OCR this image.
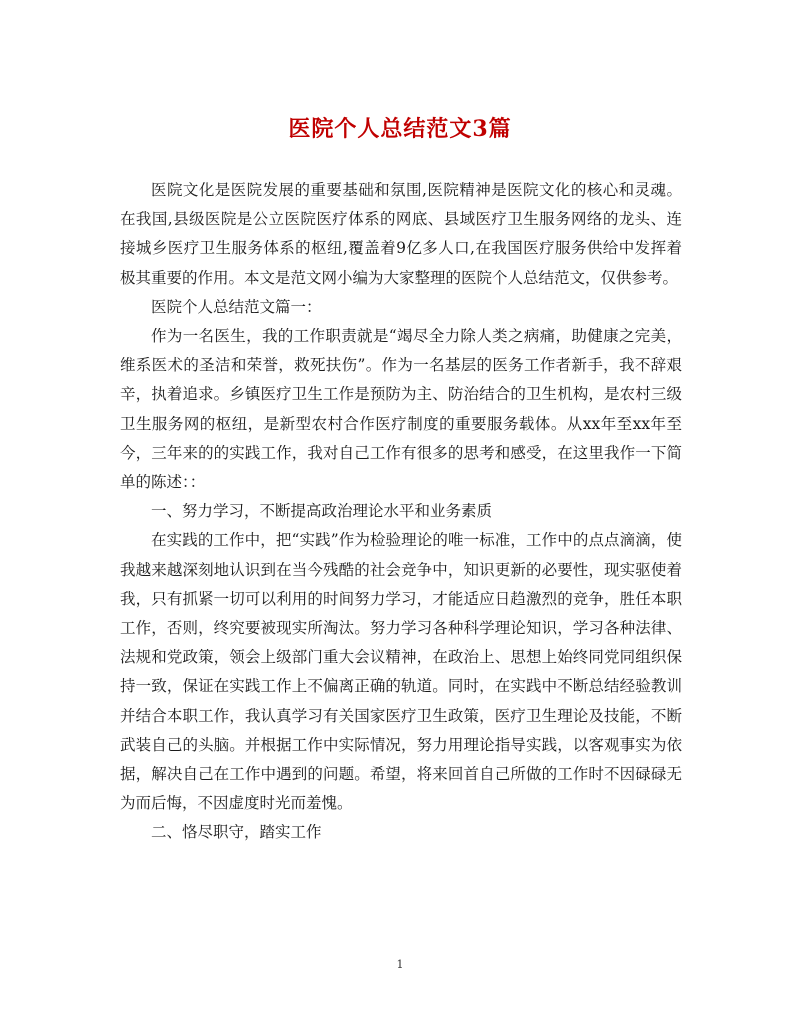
医院个人总结范文3篇

医院文化是医院发展的重要基础和氛围,医院精神是医院文化的核心和灵魂。在我国,县级医院是公立医院医疗体系的网底、县域医疗卫生服务网络的龙头、连接城乡医疗卫生服务体系的枢纽,覆盖着9亿多人口,在我国医疗服务供给中发挥着极其重要的作用。本文是范文网小编为大家整理的医院个人总结范文，仅供参考。

医院个人总结范文篇一：

作为一名医生，我的工作职责就是“竭尽全力除人类之病痛，助健康之完美，维系医术的圣洁和荣誉，救死扶伤”。作为一名基层的医务工作者新手，我不辞艰辛，执着追求。乡镇医疗卫生工作是预防为主、防治结合的卫生机构，是农村三级卫生服务网的枢纽，是新型农村合作医疗制度的重要服务载体。从xx年至xx年至今，三年来的的实践工作，我对自己工作有很多的思考和感受，在这里我作一下简单的陈述：：

一、努力学习，不断提高政治理论水平和业务素质

在实践的工作中，把“实践”作为检验理论的唯一标准，工作中的点点滴滴，使我越来越深刻地认识到在当今残酷的社会竞争中，知识更新的必要性，现实驱使着我，只有抓紧一切可以利用的时间努力学习，才能适应日趋激烈的竞争，胜任本职工作，否则，终究要被现实所淘汰。努力学习各种科学理论知识，学习各种法律、法规和党政策，领会上级部门重大会议精神，在政治上、思想上始终同党同组织保持一致，保证在实践工作上不偏离正确的轨道。同时，在实践中不断总结经验教训并结合本职工作，我认真学习有关国家医疗卫生政策，医疗卫生理论及技能，不断武装自己的头脑。并根据工作中实际情况，努力用理论指导实践，以客观事实为依据，解决自己在工作中遇到的问题。希望，将来回首自己所做的工作时不因碌碌无为而后悔，不因虚度时光而羞愧。

二、恪尽职守，踏实工作

1
